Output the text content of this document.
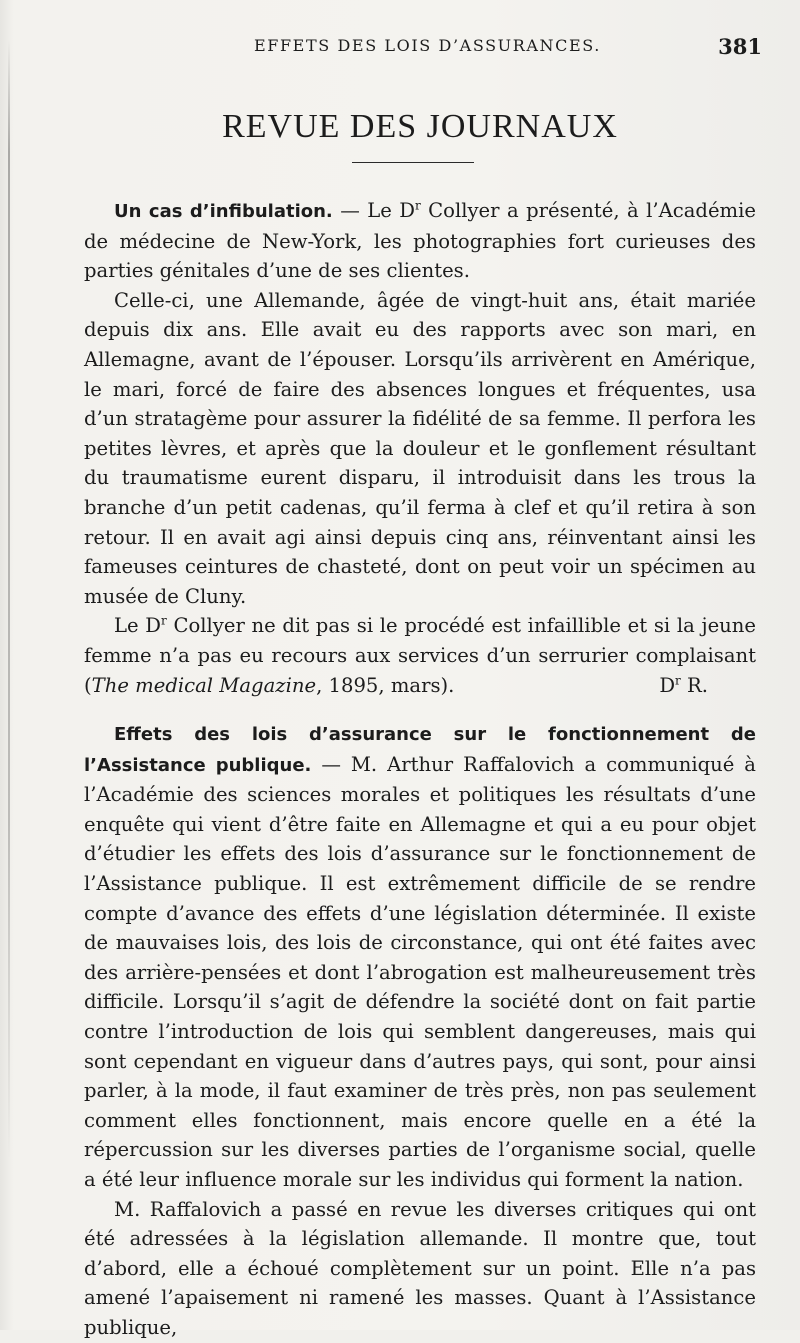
EFFETS DES LOIS D’ASSURANCES.	381
REVUE DES JOURNAUX

Un cas d’infibulation. — Le $D^r$ Collyer a présenté, à l’Académie de médecine de New-York, les photographies fort curieuses des parties génitales d’une de ses clientes.

Celle-ci, une Allemande, âgée de vingt-huit ans, était mariée depuis dix ans. Elle avait eu des rapports avec son mari, en Allemagne, avant de l’épouser. Lorsqu’ils arrivèrent en Amérique, le mari, forcé de faire des absences longues et fréquentes, usa d’un stratagème pour assurer la fidélité de sa femme. Il perfora les petites lèvres, et après que la douleur et le gonflement résultant du traumatisme eurent disparu, il introduisit dans les trous la branche d’un petit cadenas, qu’il ferma à clef et qu’il retira à son retour. Il en avait agi ainsi depuis cinq ans, réinventant ainsi les fameuses ceintures de chasteté, dont on peut voir un spécimen au musée de Cluny.

Le $D^r$ Collyer ne dit pas si le procédé est infaillible et si la jeune femme n’a pas eu recours aux services d’un serrurier complaisant (The medical Magazine, 1895, mars).	$D^r$ R.

Effets des lois d’assurance sur le fonctionnement de l’Assistance publique. — M. Arthur Raffalovich a communiqué à l’Académie des sciences morales et politiques les résultats d’une enquête qui vient d’être faite en Allemagne et qui a eu pour objet d’étudier les effets des lois d’assurance sur le fonctionnement de l’Assistance publique. Il est extrêmement difficile de se rendre compte d’avance des effets d’une législation déterminée. Il existe de mauvaises lois, des lois de circonstance, qui ont été faites avec des arrière-pensées et dont l’abrogation est malheureusement très difficile. Lorsqu’il s’agit de défendre la société dont on fait partie contre l’introduction de lois qui semblent dangereuses, mais qui sont cependant en vigueur dans d’autres pays, qui sont, pour ainsi parler, à la mode, il faut examiner de très près, non pas seulement comment elles fonctionnent, mais encore quelle en a été la répercussion sur les diverses parties de l’organisme social, quelle a été leur influence morale sur les individus qui forment la nation.

M. Raffalovich a passé en revue les diverses critiques qui ont été adressées à la législation allemande. Il montre que, tout d’abord, elle a échoué complètement sur un point. Elle n’a pas amené l’apaisement ni ramené les masses. Quant à l’Assistance publique,
